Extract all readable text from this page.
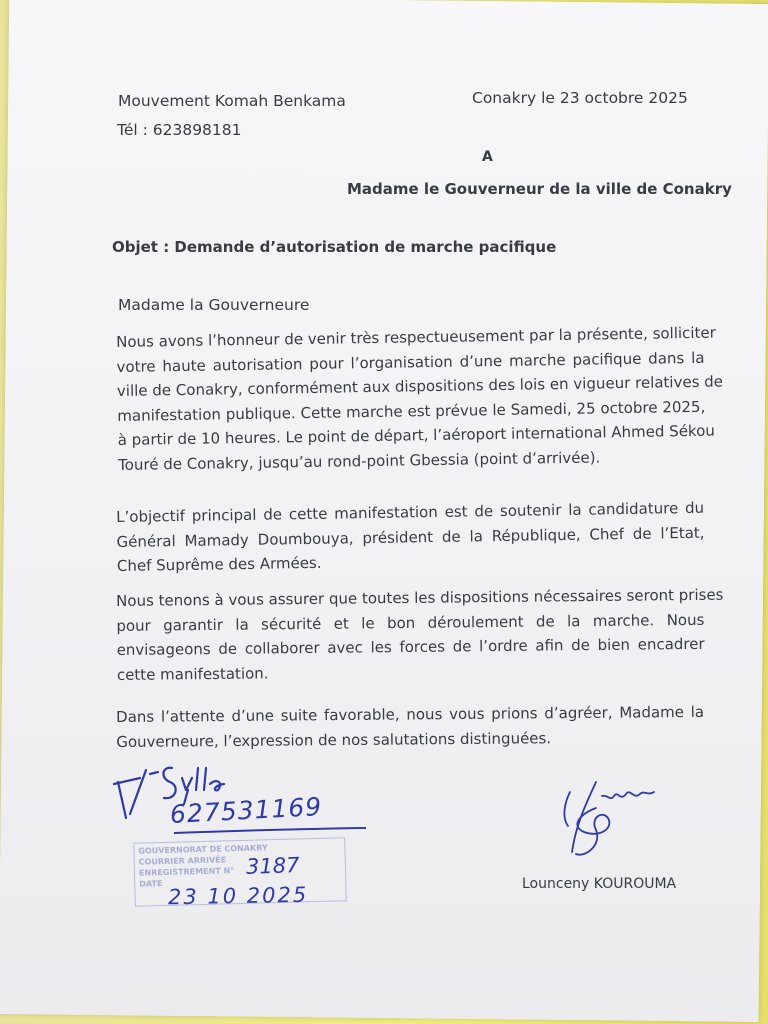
Mouvement Komah Benkama
Tél : 623898181
Conakry le 23 octobre 2025
A
Madame le Gouverneur de la ville de Conakry
Objet : Demande d’autorisation de marche pacifique
Madame la Gouverneure
Nous avons l’honneur de venir très respectueusement par la présente, solliciter
votre haute autorisation pour l’organisation d’une marche pacifique dans la
ville de Conakry, conformément aux dispositions des lois en vigueur relatives de
manifestation publique. Cette marche est prévue le Samedi, 25 octobre 2025,
à partir de 10 heures. Le point de départ, l’aéroport international Ahmed Sékou
Touré de Conakry, jusqu’au rond-point Gbessia (point d’arrivée).
L’objectif principal de cette manifestation est de soutenir la candidature du
Général Mamady Doumbouya, président de la République, Chef de l’Etat,
Chef Suprême des Armées.
Nous tenons à vous assurer que toutes les dispositions nécessaires seront prises
pour garantir la sécurité et le bon déroulement de la marche. Nous
envisageons de collaborer avec les forces de l’ordre afin de bien encadrer
cette manifestation.
Dans l’attente d’une suite favorable, nous vous prions d’agréer, Madame la
Gouverneure, l’expression de nos salutations distinguées.
627531169
GOUVERNORAT DE CONAKRY
COURRIER ARRIVÉE
ENREGISTREMENT N°
DATE
3187
23 10 2025	Lounceny KOUROUMA
